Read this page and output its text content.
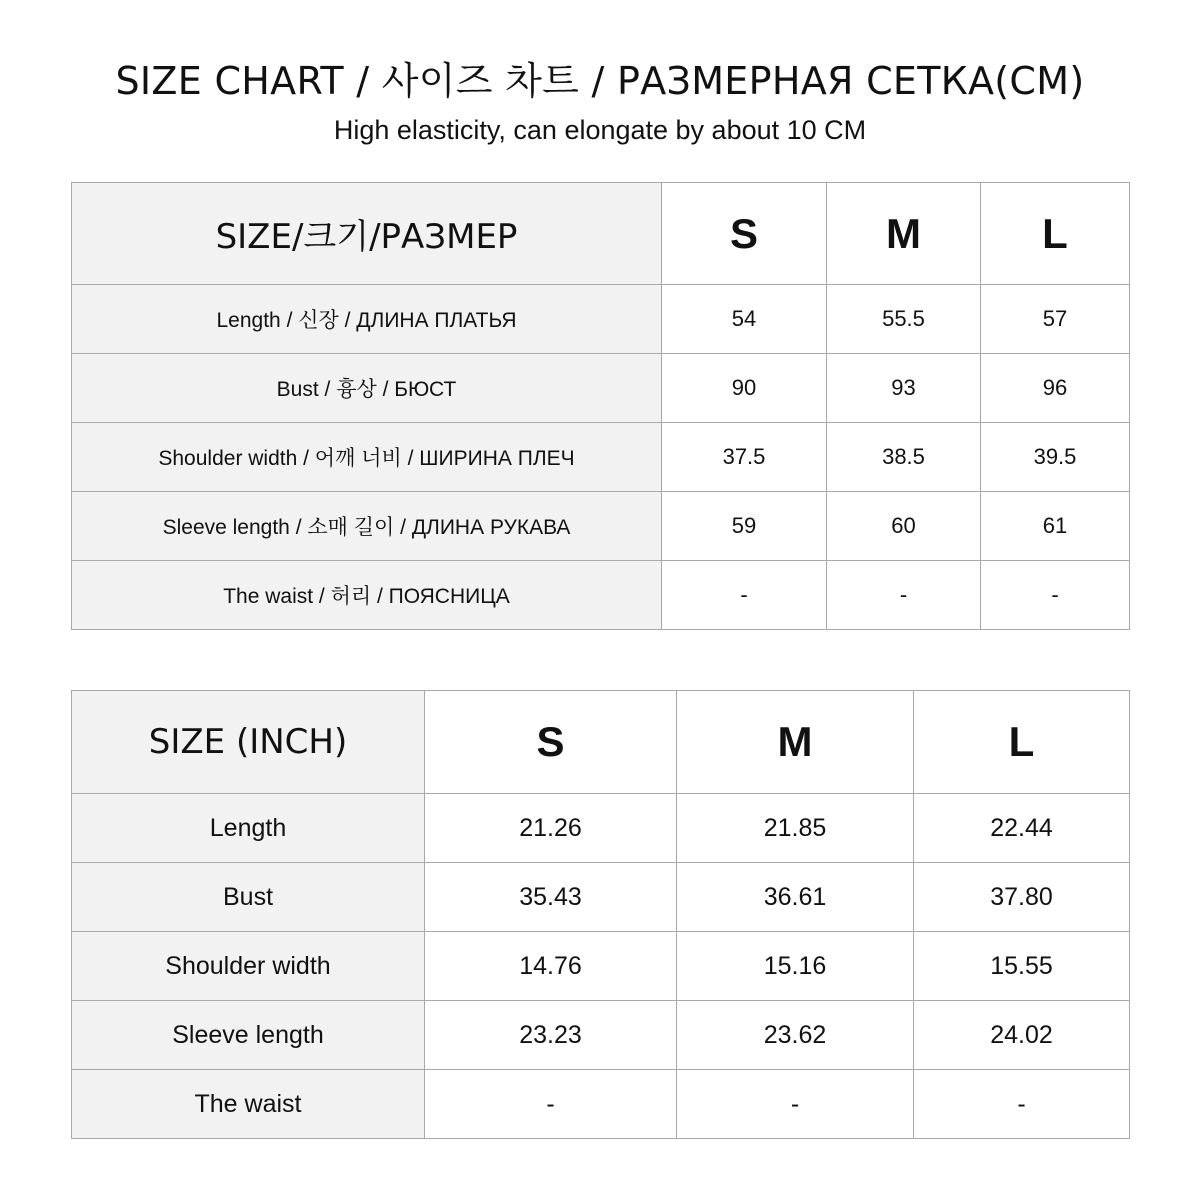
SIZE CHART / 사이즈 차트 / РАЗМЕРНАЯ СЕТКА(CM)
High elasticity, can elongate by about 10 CM
SIZE/크기/РАЗМЕР	S	M	L
Length / 신장 / ДЛИНА ПЛАТЬЯ	54	55.5	57
Bust / 흉상 / БЮСТ	90	93	96
Shoulder width / 어깨 너비 / ШИРИНА ПЛЕЧ	37.5	38.5	39.5
Sleeve length / 소매 길이 / ДЛИНА РУКАВА	59	60	61
The waist / 허리 / ПОЯСНИЦА	-	-	-
SIZE (INCH)	S	M	L
Length	21.26	21.85	22.44
Bust	35.43	36.61	37.80
Shoulder width	14.76	15.16	15.55
Sleeve length	23.23	23.62	24.02
The waist	-	-	-
